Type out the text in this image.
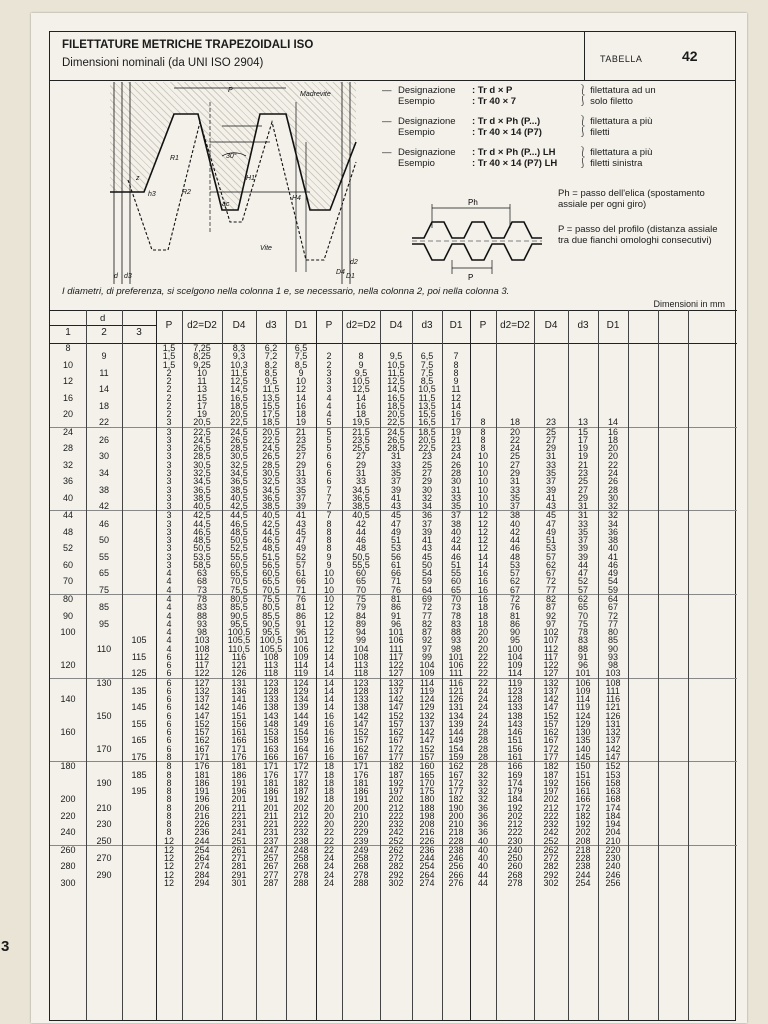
3
FILETTATURE METRICHE TRAPEZOIDALI ISO
Dimensioni nominali (da UNI ISO 2904)	TABELLA	42
P
Madrevite
30°
R1
R2
z	H1
h3
H4
ac
Vite
d d3
D4
D1
d2
— Designazione
Esempio
: Tr d × P
: Tr 40 × 7
⎱ filettatura ad un
⎰ solo filetto
— Designazione
Esempio
: Tr d × Ph (P...)
: Tr 40 × 14 (P7)
⎱ filettatura a più
⎰ filetti
— Designazione
Esempio
: Tr d × Ph (P...) LH
: Tr 40 × 14 (P7) LH
⎱ filettatura a più
⎰ filetti sinistra
Ph
P
Ph = passo dell'elica (spostamento assiale per ogni giro)
P = passo del profilo (distanza assiale tra due fianchi omologhi consecutivi)
I diametri, di preferenza, si scelgono nella colonna 1 e, se necessario, nella colonna 2, poi nella colonna 3.
Dimensioni in mm
d
1	2	3
P	d2=D2	D4	d3	D1	P	d2=D2	D4	d3	D1	P	d2=D2	D4	d3	D1
8	1,5	7,25	8,3	6,2	6,5
9	1,5	8,25	9,3	7,2	7,5	2	8	9,5	6,5	7
10	1,5	9,25	10,3	8,2	8,5	2	9	10,5	7,5	8
11	2	10	11,5	8,5	9	3	9,5	11,5	7,5	8
12	2	11	12,5	9,5	10	3	10,5	12,5	8,5	9
14	2	13	14,5	11,5	12	3	12,5	14,5	10,5	11
16	2	15	16,5	13,5	14	4	14	16,5	11,5	12
18	2	17	18,5	15,5	16	4	16	18,5	13,5	14
20	2	19	20,5	17,5	18	4	18	20,5	15,5	16
22	3	20,5	22,5	18,5	19	5	19,5	22,5	16,5	17	8	18	23	13	14
24	3	22,5	24,5	20,5	21	5	21,5	24,5	18,5	19	8	20	25	15	16
26	3	24,5	26,5	22,5	23	5	23,5	26,5	20,5	21	8	22	27	17	18
28	3	26,5	28,5	24,5	25	5	25,5	28,5	22,5	23	8	24	29	19	20
30	3	28,5	30,5	26,5	27	6	27	31	23	24	10	25	31	19	20
32	3	30,5	32,5	28,5	29	6	29	33	25	26	10	27	33	21	22
34	3	32,5	34,5	30,5	31	6	31	35	27	28	10	29	35	23	24
36	3	34,5	36,5	32,5	33	6	33	37	29	30	10	31	37	25	26
38	3	36,5	38,5	34,5	35	7	34,5	39	30	31	10	33	39	27	28
40	3	38,5	40,5	36,5	37	7	36,5	41	32	33	10	35	41	29	30
42	3	40,5	42,5	38,5	39	7	38,5	43	34	35	10	37	43	31	32
44	3	42,5	44,5	40,5	41	7	40,5	45	36	37	12	38	45	31	32
46	3	44,5	46,5	42,5	43	8	42	47	37	38	12	40	47	33	34
48	3	46,5	48,5	44,5	45	8	44	49	39	40	12	42	49	35	36
50	3	48,5	50,5	46,5	47	8	46	51	41	42	12	44	51	37	38
52	3	50,5	52,5	48,5	49	8	48	53	43	44	12	46	53	39	40
55	3	53,5	55,5	51,5	52	9	50,5	56	45	46	14	48	57	39	41
60	3	58,5	60,5	56,5	57	9	55,5	61	50	51	14	53	62	44	46
65	4	63	65,5	60,5	61	10	60	66	54	55	16	57	67	47	49
70	4	68	70,5	65,5	66	10	65	71	59	60	16	62	72	52	54
75	4	73	75,5	70,5	71	10	70	76	64	65	16	67	77	57	59
80	4	78	80,5	75,5	76	10	75	81	69	70	16	72	82	62	64
85	4	83	85,5	80,5	81	12	79	86	72	73	18	76	87	65	67
90	4	88	90,5	85,5	86	12	84	91	77	78	18	81	92	70	72
95	4	93	95,5	90,5	91	12	89	96	82	83	18	86	97	75	77
100	4	98	100,5	95,5	96	12	94	101	87	88	20	90	102	78	80
105	4	103	105,5	100,5	101	12	99	106	92	93	20	95	107	83	85
110	4	108	110,5	105,5	106	12	104	111	97	98	20	100	112	88	90
115	6	112	116	108	109	14	108	117	99	101	22	104	117	91	93
120	6	117	121	113	114	14	113	122	104	106	22	109	122	96	98
125	6	122	126	118	119	14	118	127	109	111	22	114	127	101	103
130	6	127	131	123	124	14	123	132	114	116	22	119	132	106	108
135	6	132	136	128	129	14	128	137	119	121	24	123	137	109	111
140	6	137	141	133	134	14	133	142	124	126	24	128	142	114	116
145	6	142	146	138	139	14	138	147	129	131	24	133	147	119	121
150	6	147	151	143	144	16	142	152	132	134	24	138	152	124	126
155	6	152	156	148	149	16	147	157	137	139	24	143	157	129	131
160	6	157	161	153	154	16	152	162	142	144	28	146	162	130	132
165	6	162	166	158	159	16	157	167	147	149	28	151	167	135	137
170	6	167	171	163	164	16	162	172	152	154	28	156	172	140	142
175	8	171	176	166	167	16	167	177	157	159	28	161	177	145	147
180	8	176	181	171	172	18	171	182	160	162	28	166	182	150	152
185	8	181	186	176	177	18	176	187	165	167	32	169	187	151	153
190	8	186	191	181	182	18	181	192	170	172	32	174	192	156	158
195	8	191	196	186	187	18	186	197	175	177	32	179	197	161	163
200	8	196	201	191	192	18	191	202	180	182	32	184	202	166	168
210	8	206	211	201	202	20	200	212	188	190	36	192	212	172	174
220	8	216	221	211	212	20	210	222	198	200	36	202	222	182	184
230	8	226	231	221	222	20	220	232	208	210	36	212	232	192	194
240	8	236	241	231	232	22	229	242	216	218	36	222	242	202	204
250	12	244	251	237	238	22	239	252	226	228	40	230	252	208	210
260	12	254	261	247	248	22	249	262	236	238	40	240	262	218	220
270	12	264	271	257	258	24	258	272	244	246	40	250	272	228	230
280	12	274	281	267	268	24	268	282	254	256	40	260	282	238	240
290	12	284	291	277	278	24	278	292	264	266	44	268	292	244	246
300	12	294	301	287	288	24	288	302	274	276	44	278	302	254	256
